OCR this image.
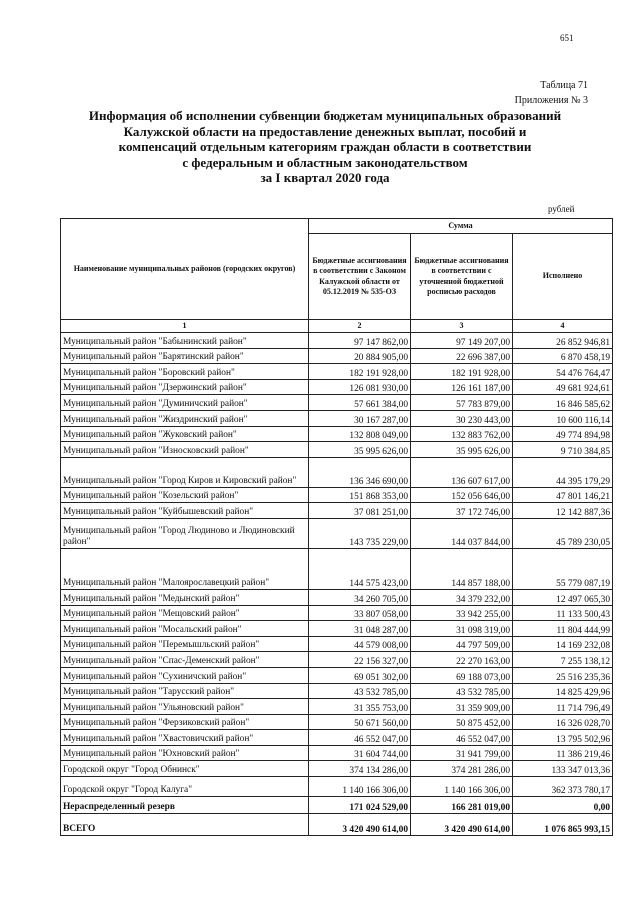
651
Таблица 71
Приложения № 3
Информация об исполнении субвенции бюджетам муниципальных образований
Калужской области на предоставление денежных выплат, пособий и
компенсаций отдельным категориям граждан области в соответствии
с федеральным и областным законодательством
за I квартал 2020 года
рублей
Наименование муниципальных районов (городских округов)	Сумма		
	Бюджетные ассигнования в соответствии с Законом Калужской области от 05.12.2019 № 535-ОЗ	Бюджетные ассигнования в соответствии с уточненной бюджетной росписью расходов	Исполнено
1	2	3	4
Муниципальный район "Бабынинский район"	97 147 862,00	97 149 207,00	26 852 946,81
Муниципальный район "Барятинский район"	20 884 905,00	22 696 387,00	6 870 458,19
Муниципальный район "Боровский район"	182 191 928,00	182 191 928,00	54 476 764,47
Муниципальный район "Дзержинский район"	126 081 930,00	126 161 187,00	49 681 924,61
Муниципальный район "Думиничский район"	57 661 384,00	57 783 879,00	16 846 585,62
Муниципальный район "Жиздринский район"	30 167 287,00	30 230 443,00	10 600 116,14
Муниципальный район "Жуковский район"	132 808 049,00	132 883 762,00	49 774 894,98
Муниципальный район "Износковский район"	35 995 626,00	35 995 626,00	9 710 384,85
Муниципальный район "Город Киров и Кировский район"	136 346 690,00	136 607 617,00	44 395 179,29
Муниципальный район "Козельский район"	151 868 353,00	152 056 646,00	47 801 146,21
Муниципальный район "Куйбышевский район"	37 081 251,00	37 172 746,00	12 142 887,36
Муниципальный район "Город Людиново и Людиновский район"	143 735 229,00	144 037 844,00	45 789 230,05
Муниципальный район "Малоярославецкий район"	144 575 423,00	144 857 188,00	55 779 087,19
Муниципальный район "Медынский район"	34 260 705,00	34 379 232,00	12 497 065,30
Муниципальный район "Мещовский район"	33 807 058,00	33 942 255,00	11 133 500,43
Муниципальный район "Мосальский район"	31 048 287,00	31 098 319,00	11 804 444,99
Муниципальный район "Перемышльский район"	44 579 008,00	44 797 509,00	14 169 232,08
Муниципальный район "Спас-Деменский район"	22 156 327,00	22 270 163,00	7 255 138,12
Муниципальный район "Сухиничский район"	69 051 302,00	69 188 073,00	25 516 235,36
Муниципальный район "Тарусский район"	43 532 785,00	43 532 785,00	14 825 429,96
Муниципальный район "Ульяновский район"	31 355 753,00	31 359 909,00	11 714 796,49
Муниципальный район "Ферзиковский район"	50 671 560,00	50 875 452,00	16 326 028,70
Муниципальный район "Хвастовичский район"	46 552 047,00	46 552 047,00	13 795 502,96
Муниципальный район "Юхновский район"	31 604 744,00	31 941 799,00	11 386 219,46
Городской округ "Город Обнинск"	374 134 286,00	374 281 286,00	133 347 013,36
Городской округ "Город Калуга"	1 140 166 306,00	1 140 166 306,00	362 373 780,17
Нераспределенный резерв	171 024 529,00	166 281 019,00	0,00
ВСЕГО	3 420 490 614,00	3 420 490 614,00	1 076 865 993,15
